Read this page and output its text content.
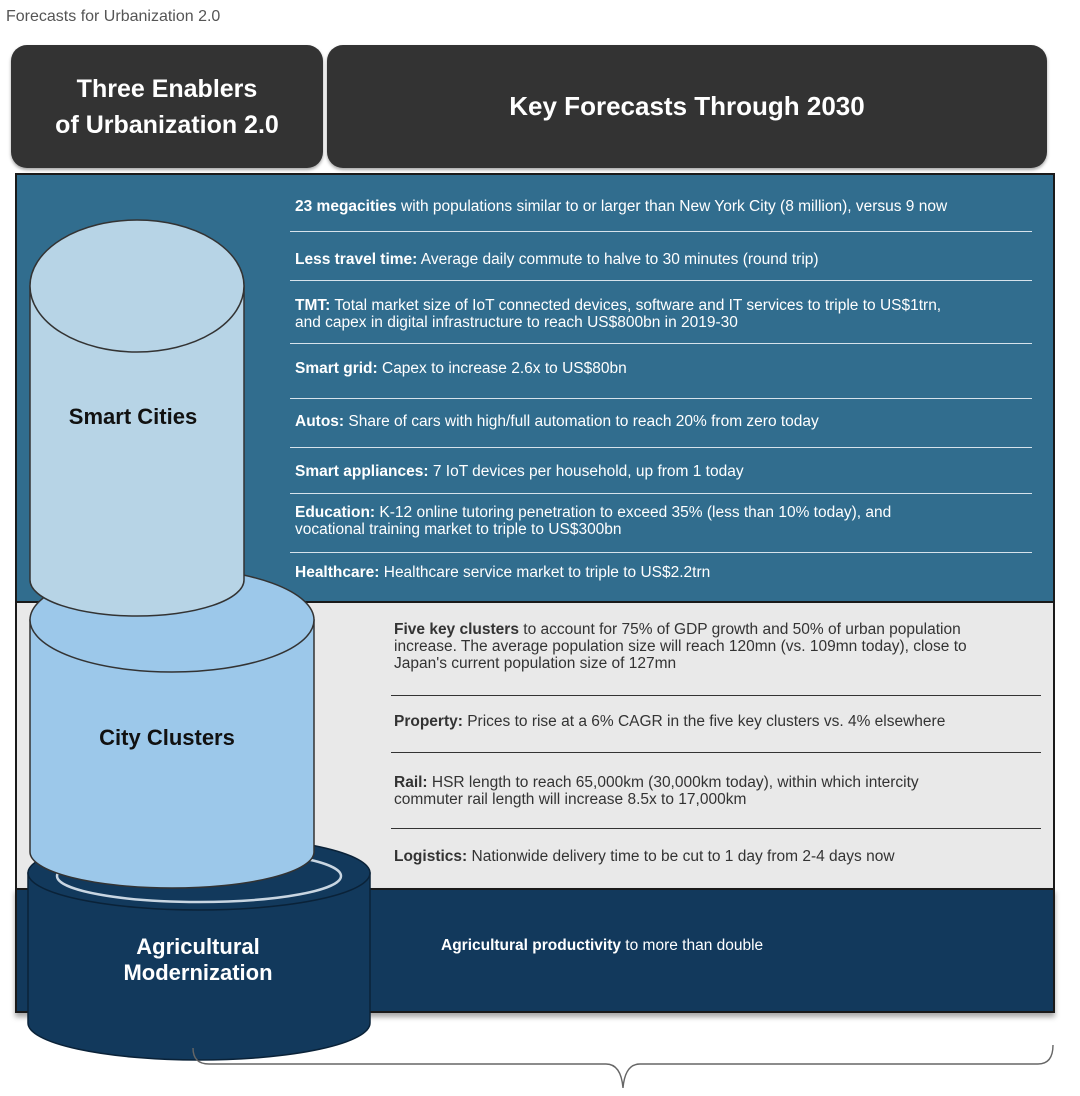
Forecasts for Urbanization 2.0
Three Enablers
of Urbanization 2.0
Key Forecasts Through 2030
23 megacities with populations similar to or larger than New York City (8 million), versus 9 now
Less travel time: Average daily commute to halve to 30 minutes (round trip)
TMT: Total market size of IoT connected devices, software and IT services to triple to US$1trn,
and capex in digital infrastructure to reach US$800bn in 2019-30
Smart grid: Capex to increase 2.6x to US$80bn
Autos: Share of cars with high/full automation to reach 20% from zero today
Smart appliances: 7 IoT devices per household, up from 1 today
Education: K-12 online tutoring penetration to exceed 35% (less than 10% today), and
vocational training market to triple to US$300bn
Healthcare: Healthcare service market to triple to US$2.2trn
Five key clusters to account for 75% of GDP growth and 50% of urban population
increase. The average population size will reach 120mn (vs. 109mn today), close to
Japan's current population size of 127mn
Property: Prices to rise at a 6% CAGR in the five key clusters vs. 4% elsewhere
Rail: HSR length to reach 65,000km (30,000km today), within which intercity
commuter rail length will increase 8.5x to 17,000km
Logistics: Nationwide delivery time to be cut to 1 day from 2-4 days now
Agricultural productivity to more than double
Smart Cities
City Clusters
Agricultural
Modernization
